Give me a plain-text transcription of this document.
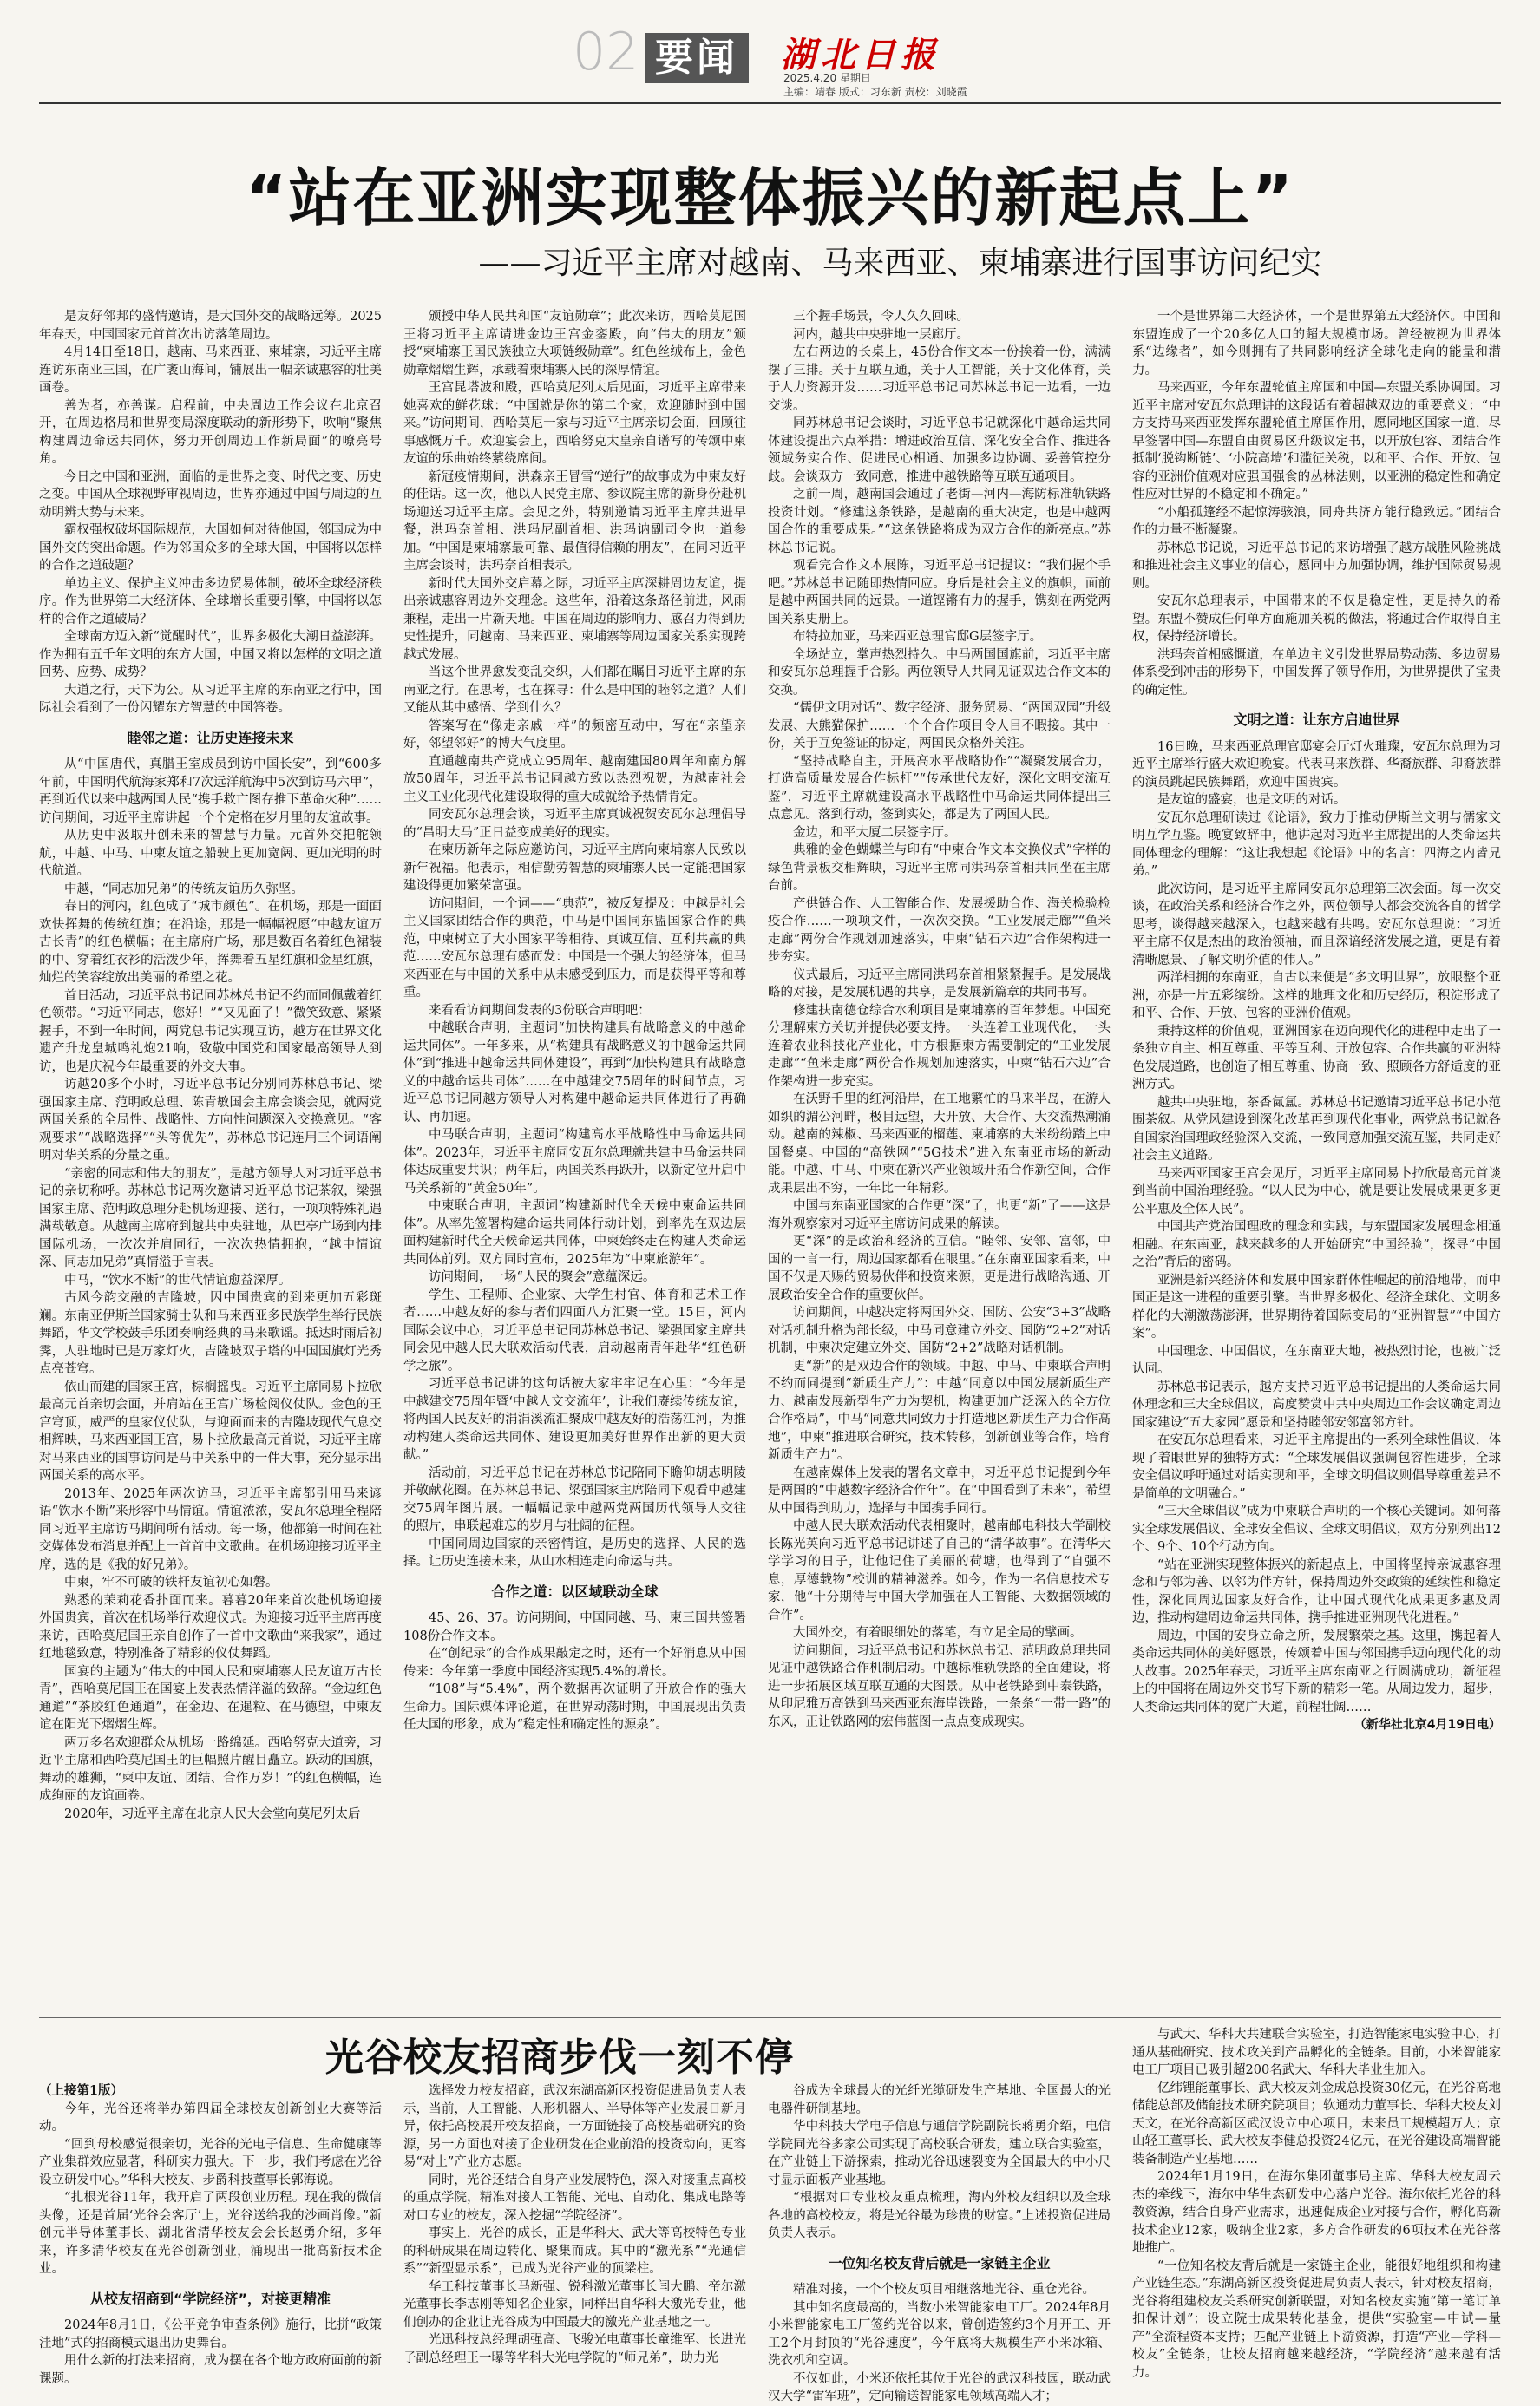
02 要闻	湖北日报
2025.4.20 星期日
主编：靖春 版式：习东新 责校：刘晓霞
“站在亚洲实现整体振兴的新起点上”
——习近平主席对越南、马来西亚、柬埔寨进行国事访问纪实

是友好邻邦的盛情邀请，是大国外交的战略远筹。2025年春天，中国国家元首首次出访落笔周边。

4月14日至18日，越南、马来西亚、柬埔寨，习近平主席连访东南亚三国，在广袤山海间，铺展出一幅亲诚惠容的壮美画卷。

善为者，亦善谋。启程前，中央周边工作会议在北京召开，在周边格局和世界变局深度联动的新形势下，吹响“聚焦构建周边命运共同体，努力开创周边工作新局面”的嘹亮号角。

今日之中国和亚洲，面临的是世界之变、时代之变、历史之变。中国从全球视野审视周边，世界亦通过中国与周边的互动明辨大势与未来。

霸权强权破坏国际规范，大国如何对待他国，邻国成为中国外交的突出命题。作为邻国众多的全球大国，中国将以怎样的合作之道破题？

单边主义、保护主义冲击多边贸易体制，破坏全球经济秩序。作为世界第二大经济体、全球增长重要引擎，中国将以怎样的合作之道破局？

全球南方迈入新“觉醒时代”，世界多极化大潮日益澎湃。作为拥有五千年文明的东方大国，中国又将以怎样的文明之道回势、应势、成势？

大道之行，天下为公。从习近平主席的东南亚之行中，国际社会看到了一份闪耀东方智慧的中国答卷。

睦邻之道：让历史连接未来

从“中国唐代，真腊王室成员到访中国长安”，到“600多年前，中国明代航海家郑和7次远洋航海中5次到访马六甲”，再到近代以来中越两国人民“携手救亡图存推下革命火种”……访问期间，习近平主席讲起一个个定格在岁月里的友谊故事。

从历史中汲取开创未来的智慧与力量。元首外交把舵领航，中越、中马、中柬友谊之船驶上更加宽阔、更加光明的时代航道。

中越，“同志加兄弟”的传统友谊历久弥坚。

春日的河内，红色成了“城市颜色”。在机场，那是一面面欢快挥舞的传统红旗；在沿途，那是一幅幅祝愿“中越友谊万古长青”的红色横幅；在主席府广场，那是数百名着红色裙装的中、穿着红衣衫的活泼少年，挥舞着五星红旗和金星红旗，灿烂的笑容绽放出美丽的希望之花。

首日活动，习近平总书记同苏林总书记不约而同佩戴着红色领带。“习近平同志，您好！”“又见面了！”微笑致意、紧紧握手，不到一年时间，两党总书记实现互访，越方在世界文化遗产升龙皇城鸣礼炮21响，致敬中国党和国家最高领导人到访，也是庆祝今年最重要的外交大事。

访越20多个小时，习近平总书记分别同苏林总书记、梁强国家主席、范明政总理、陈青敏国会主席会谈会见，就两党两国关系的全局性、战略性、方向性问题深入交换意见。“客观要求”“战略选择”“头等优先”，苏林总书记连用三个词语阐明对华关系的分量之重。

“亲密的同志和伟大的朋友”，是越方领导人对习近平总书记的亲切称呼。苏林总书记两次邀请习近平总书记茶叙，梁强国家主席、范明政总理分赴机场迎接、送行，一项项特殊礼遇满载敬意。从越南主席府到越共中央驻地，从巴亭广场到内排国际机场，一次次并肩同行，一次次热情拥抱，“越中情谊深、同志加兄弟”真情溢于言表。

中马，“饮水不断”的世代情谊愈益深厚。

古风今韵交融的吉隆坡，因中国贵宾的到来更加五彩斑斓。东南亚伊斯兰国家骑士队和马来西亚多民族学生举行民族舞蹈，华文学校鼓手乐团奏响经典的马来歌谣。抵达时雨后初霁，人驻地时已是万家灯火，吉隆坡双子塔的中国国旗灯光秀点亮苍穹。

依山而建的国家王宫，棕榈摇曳。习近平主席同易卜拉欣最高元首亲切会面，并肩站在王宫广场检阅仪仗队。金色的王宫穹顶，威严的皇家仪仗队，与迎面而来的吉隆坡现代气息交相辉映，马来西亚国王宫，易卜拉欣最高元首说，习近平主席对马来西亚的国事访问是马中关系中的一件大事，充分显示出两国关系的高水平。

2013年、2025年两次访马，习近平主席都引用马来谚语“饮水不断”来形容中马情谊。情谊浓浓，安瓦尔总理全程陪同习近平主席访马期间所有活动。每一场，他都第一时间在社交媒体发布消息并配上一首首中文歌曲。在机场迎接习近平主席，选的是《我的好兄弟》。

中柬，牢不可破的铁杆友谊初心如磐。

熟悉的茉莉花香扑面而来。暮暮20年来首次赴机场迎接外国贵宾，首次在机场举行欢迎仪式。为迎接习近平主席再度来访，西哈莫尼国王亲自创作了一首中文歌曲“来我家”，通过红地毯致意，特别准备了精彩的仪仗舞蹈。

国宴的主题为“伟大的中国人民和柬埔寨人民友谊万古长青”，西哈莫尼国王在国宴上发表热情洋溢的致辞。“金边红色通道”“茶胶红色通道”，在金边、在暹粒、在马德望，中柬友谊在阳光下熠熠生辉。

两万多名欢迎群众从机场一路绵延。西哈努克大道旁，习近平主席和西哈莫尼国王的巨幅照片醒目矗立。跃动的国旗，舞动的雄狮，“柬中友谊、团结、合作万岁！”的红色横幅，连成绚丽的友谊画卷。

2020年，习近平主席在北京人民大会堂向莫尼列太后

颁授中华人民共和国“友谊勋章”；此次来访，西哈莫尼国王将习近平主席请进金边王宫金銮殿，向“伟大的朋友”颁授“柬埔寨王国民族独立大项链级勋章”。红色丝绒布上，金色勋章熠熠生辉，承载着柬埔寨人民的深厚情谊。

王宫昆塔波和殿，西哈莫尼列太后见面，习近平主席带来她喜欢的鲜花球：“中国就是你的第二个家，欢迎随时到中国来。”访问期间，西哈莫尼一家与习近平主席亲切会面，回顾往事感慨万千。欢迎宴会上，西哈努克太皇亲自谱写的传颂中柬友谊的乐曲始终萦绕席间。

新冠疫情期间，洪森亲王冒雪“逆行”的故事成为中柬友好的佳话。这一次，他以人民党主席、参议院主席的新身份赴机场迎送习近平主席。会见之外，特别邀请习近平主席共进早餐，洪玛奈首相、洪玛尼副首相、洪玛讷副司令也一道参加。“中国是柬埔寨最可靠、最值得信赖的朋友”，在同习近平主席会谈时，洪玛奈首相表示。

新时代大国外交启幕之际，习近平主席深耕周边友谊，提出亲诚惠容周边外交理念。这些年，沿着这条路径前进，风雨兼程，走出一片新天地。中国在周边的影响力、感召力得到历史性提升，同越南、马来西亚、柬埔寨等周边国家关系实现跨越式发展。

当这个世界愈发变乱交织，人们都在瞩目习近平主席的东南亚之行。在思考，也在探寻：什么是中国的睦邻之道？人们又能从其中感悟、学到什么？

答案写在“像走亲戚一样”的频密互动中，写在“亲望亲好，邻望邻好”的博大气度里。

直通越南共产党成立95周年、越南建国80周年和南方解放50周年，习近平总书记同越方致以热烈祝贺，为越南社会主义工业化现代化建设取得的重大成就给予热情肯定。

同安瓦尔总理会谈，习近平主席真诚祝贺安瓦尔总理倡导的“昌明大马”正日益变成美好的现实。

在柬历新年之际应邀访问，习近平主席向柬埔寨人民致以新年祝福。他表示，相信勤劳智慧的柬埔寨人民一定能把国家建设得更加繁荣富强。

访问期间，一个词——“典范”，被反复提及：中越是社会主义国家团结合作的典范，中马是中国同东盟国家合作的典范，中柬树立了大小国家平等相待、真诚互信、互利共赢的典范……安瓦尔总理有感而发：中国是一个强大的经济体，但马来西亚在与中国的关系中从未感受到压力，而是获得平等和尊重。

来看看访问期间发表的3份联合声明吧：

中越联合声明，主题词“加快构建具有战略意义的中越命运共同体”。一年多来，从“构建具有战略意义的中越命运共同体”到“推进中越命运共同体建设”，再到“加快构建具有战略意义的中越命运共同体”……在中越建交75周年的时间节点，习近平总书记同越方领导人对构建中越命运共同体进行了再确认、再加速。

中马联合声明，主题词“构建高水平战略性中马命运共同体”。2023年，习近平主席同安瓦尔总理就共建中马命运共同体达成重要共识；两年后，两国关系再跃升，以新定位开启中马关系新的“黄金50年”。

中柬联合声明，主题词“构建新时代全天候中柬命运共同体”。从率先签署构建命运共同体行动计划，到率先在双边层面构建新时代全天候命运共同体，中柬始终走在构建人类命运共同体前列。双方同时宣布，2025年为“中柬旅游年”。

访问期间，一场“人民的聚会”意蕴深远。

学生、工程师、企业家、大学生村官、体育和艺术工作者……中越友好的参与者们四面八方汇聚一堂。15日，河内国际会议中心，习近平总书记同苏林总书记、梁强国家主席共同会见中越人民大联欢活动代表，启动越南青年赴华“红色研学之旅”。

习近平总书记讲的这句话被大家牢牢记在心里：“今年是中越建交75周年暨‘中越人文交流年’，让我们赓续传统友谊，将两国人民友好的涓涓溪流汇聚成中越友好的浩荡江河，为推动构建人类命运共同体、建设更加美好世界作出新的更大贡献。”

活动前，习近平总书记在苏林总书记陪同下瞻仰胡志明陵并敬献花圈。在苏林总书记、梁强国家主席陪同下观看中越建交75周年图片展。一幅幅记录中越两党两国历代领导人交往的照片，串联起难忘的岁月与壮阔的征程。

中国同周边国家的亲密情谊，是历史的选择、人民的选择。让历史连接未来，从山水相连走向命运与共。

合作之道：以区域联动全球

45、26、37。访问期间，中国同越、马、柬三国共签署108份合作文本。

在“创纪录”的合作成果敲定之时，还有一个好消息从中国传来：今年第一季度中国经济实现5.4%的增长。

“108”与“5.4%”，两个数据再次证明了开放合作的强大生命力。国际媒体评论道，在世界动荡时期，中国展现出负责任大国的形象，成为“稳定性和确定性的源泉”。

三个握手场景，令人久久回味。

河内，越共中央驻地一层廊厅。

左右两边的长桌上，45份合作文本一份挨着一份，满满摆了三排。关于互联互通，关于人工智能，关于文化体育，关于人力资源开发……习近平总书记同苏林总书记一边看，一边交谈。

同苏林总书记会谈时，习近平总书记就深化中越命运共同体建设提出六点举措：增进政治互信、深化安全合作、推进各领域务实合作、促进民心相通、加强多边协调、妥善管控分歧。会谈双方一致同意，推进中越铁路等互联互通项目。

之前一周，越南国会通过了老街—河内—海防标准轨铁路投资计划。“修建这条铁路，是越南的重大决定，也是中越两国合作的重要成果。”“这条铁路将成为双方合作的新亮点。”苏林总书记说。

观看完合作文本展陈，习近平总书记提议：“我们握个手吧。”苏林总书记随即热情回应。身后是社会主义的旗帜，面前是越中两国共同的远景。一道铿锵有力的握手，镌刻在两党两国关系史册上。

布特拉加亚，马来西亚总理官邸G层签字厅。

全场站立，掌声热烈持久。中马两国国旗前，习近平主席和安瓦尔总理握手合影。两位领导人共同见证双边合作文本的交换。

“儒伊文明对话”、数字经济、服务贸易、“两国双园”升级发展、大熊猫保护……一个个合作项目令人目不暇接。其中一份，关于互免签证的协定，两国民众格外关注。

“坚持战略自主，开展高水平战略协作”“凝聚发展合力，打造高质量发展合作标杆”“传承世代友好，深化文明交流互鉴”，习近平主席就建设高水平战略性中马命运共同体提出三点意见。落到行动，签到实处，都是为了两国人民。

金边，和平大厦二层签字厅。

典雅的金色蝴蝶兰与印有“中柬合作文本交换仪式”字样的绿色背景板交相辉映，习近平主席同洪玛奈首相共同坐在主席台前。

产供链合作、人工智能合作、发展援助合作、海关检验检疫合作……一项项文件，一次次交换。“工业发展走廊”“鱼米走廊”两份合作规划加速落实，中柬“钻石六边”合作架构进一步夯实。

仪式最后，习近平主席同洪玛奈首相紧紧握手。是发展战略的对接，是发展机遇的共享，是发展新篇章的共同书写。

修建扶南德仓综合水利项目是柬埔寨的百年梦想。中国充分理解柬方关切并提供必要支持。一头连着工业现代化，一头连着农业科技化产业化，中方根据柬方需要制定的“工业发展走廊”“鱼米走廊”两份合作规划加速落实，中柬“钻石六边”合作架构进一步充实。

在沃野千里的红河沿岸，在工地繁忙的马来半岛，在游人如织的湄公河畔，极目远望，大开放、大合作、大交流热潮涌动。越南的辣椒、马来西亚的榴莲、柬埔寨的大米纷纷踏上中国餐桌。中国的“高铁网”“5G技术”进入东南亚市场的新动能。中越、中马、中柬在新兴产业领域开拓合作新空间，合作成果层出不穷，一年比一年精彩。

中国与东南亚国家的合作更“深”了，也更“新”了——这是海外观察家对习近平主席访问成果的解读。

更“深”的是政治和经济的互信。“睦邻、安邻、富邻，中国的一言一行，周边国家都看在眼里。”在东南亚国家看来，中国不仅是天赐的贸易伙伴和投资来源，更是进行战略沟通、开展政治安全合作的重要伙伴。

访问期间，中越决定将两国外交、国防、公安“3+3”战略对话机制升格为部长级，中马同意建立外交、国防“2+2”对话机制，中柬决定建立外交、国防“2+2”战略对话机制。

更“新”的是双边合作的领域。中越、中马、中柬联合声明不约而同提到“新质生产力”：中越“同意以中国发展新质生产力、越南发展新型生产力为契机，构建更加广泛深入的全方位合作格局”，中马“同意共同致力于打造地区新质生产力合作高地”，中柬“推进联合研究，技术转移，创新创业等合作，培育新质生产力”。

在越南媒体上发表的署名文章中，习近平总书记提到今年是两国的“中越数字经济合作年”。在“中国看到了未来”，希望从中国得到助力，选择与中国携手同行。

中越人民大联欢活动代表相聚时，越南邮电科技大学副校长陈光英向习近平总书记讲述了自己的“清华故事”。在清华大学学习的日子，让他记住了美丽的荷塘，也得到了“自强不息，厚德载物”校训的精神滋养。如今，作为一名信息技术专家，他“十分期待与中国大学加强在人工智能、大数据领域的合作”。

大国外交，有着眼细处的落笔，有立足全局的擘画。

访问期间，习近平总书记和苏林总书记、范明政总理共同见证中越铁路合作机制启动。中越标准轨铁路的全面建设，将进一步拓展区域互联互通的大图景。从中老铁路到中泰铁路，从印尼雅万高铁到马来西亚东海岸铁路，一条条“一带一路”的东风，正让铁路网的宏伟蓝图一点点变成现实。

一个是世界第二大经济体，一个是世界第五大经济体。中国和东盟连成了一个20多亿人口的超大规模市场。曾经被视为世界体系“边缘者”，如今则拥有了共同影响经济全球化走向的能量和潜力。

马来西亚，今年东盟轮值主席国和中国—东盟关系协调国。习近平主席对安瓦尔总理讲的这段话有着超越双边的重要意义：“中方支持马来西亚发挥东盟轮值主席国作用，愿同地区国家一道，尽早签署中国—东盟自由贸易区升级议定书，以开放包容、团结合作抵制‘脱钩断链’、‘小院高墙’和滥征关税，以和平、合作、开放、包容的亚洲价值观对应强国强食的丛林法则，以亚洲的稳定性和确定性应对世界的不稳定和不确定。”

“小船孤篷经不起惊涛骇浪，同舟共济方能行稳致远。”团结合作的力量不断凝聚。

苏林总书记说，习近平总书记的来访增强了越方战胜风险挑战和推进社会主义事业的信心，愿同中方加强协调，维护国际贸易规则。

安瓦尔总理表示，中国带来的不仅是稳定性，更是持久的希望。东盟不赞成任何单方面施加关税的做法，将通过合作取得自主权，保持经济增长。

洪玛奈首相感慨道，在单边主义引发世界局势动荡、多边贸易体系受到冲击的形势下，中国发挥了领导作用，为世界提供了宝贵的确定性。

文明之道：让东方启迪世界

16日晚，马来西亚总理官邸宴会厅灯火璀璨，安瓦尔总理为习近平主席举行盛大欢迎晚宴。代表马来族群、华裔族群、印裔族群的演员跳起民族舞蹈，欢迎中国贵宾。

是友谊的盛宴，也是文明的对话。

安瓦尔总理研读过《论语》，致力于推动伊斯兰文明与儒家文明互学互鉴。晚宴致辞中，他讲起对习近平主席提出的人类命运共同体理念的理解：“这让我想起《论语》中的名言：四海之内皆兄弟。”

此次访问，是习近平主席同安瓦尔总理第三次会面。每一次交谈，在政治关系和经济合作之外，两位领导人都会交流各自的哲学思考，谈得越来越深入，也越来越有共鸣。安瓦尔总理说：“习近平主席不仅是杰出的政治领袖，而且深谙经济发展之道，更是有着清晰愿景、了解文明价值的伟人。”

两洋相拥的东南亚，自古以来便是“多文明世界”，放眼整个亚洲，亦是一片五彩缤纷。这样的地理文化和历史经历，积淀形成了和平、合作、开放、包容的亚洲价值观。

秉持这样的价值观，亚洲国家在迈向现代化的进程中走出了一条独立自主、相互尊重、平等互利、开放包容、合作共赢的亚洲特色发展道路，也创造了相互尊重、协商一致、照顾各方舒适度的亚洲方式。

越共中央驻地，茶香氤氲。苏林总书记邀请习近平总书记小范围茶叙。从党风建设到深化改革再到现代化事业，两党总书记就各自国家治国理政经验深入交流，一致同意加强交流互鉴，共同走好社会主义道路。

马来西亚国家王宫会见厅，习近平主席同易卜拉欣最高元首谈到当前中国治理经验。“以人民为中心，就是要让发展成果更多更公平惠及全体人民”。

中国共产党治国理政的理念和实践，与东盟国家发展理念相通相融。在东南亚，越来越多的人开始研究“中国经验”，探寻“中国之治”背后的密码。

亚洲是新兴经济体和发展中国家群体性崛起的前沿地带，而中国正是这一进程的重要引擎。当世界多极化、经济全球化、文明多样化的大潮激荡澎湃，世界期待着国际变局的“亚洲智慧”“中国方案”。

中国理念、中国倡议，在东南亚大地，被热烈讨论，也被广泛认同。

苏林总书记表示，越方支持习近平总书记提出的人类命运共同体理念和三大全球倡议，高度赞赏中共中央周边工作会议确定周边国家建设“五大家园”愿景和坚持睦邻安邻富邻方针。

在安瓦尔总理看来，习近平主席提出的一系列全球性倡议，体现了着眼世界的独特方式：“全球发展倡议强调包容性进步，全球安全倡议呼吁通过对话实现和平，全球文明倡议则倡导尊重差异不是简单的文明融合。”

“三大全球倡议”成为中柬联合声明的一个核心关键词。如何落实全球发展倡议、全球安全倡议、全球文明倡议，双方分别列出12个、9个、10个行动方向。

“站在亚洲实现整体振兴的新起点上，中国将坚持亲诚惠容理念和与邻为善、以邻为伴方针，保持周边外交政策的延续性和稳定性，深化同周边国家友好合作，让中国式现代化成果更多惠及周边，推动构建周边命运共同体，携手推进亚洲现代化进程。”

周边，中国的安身立命之所，发展繁荣之基。这里，携起着人类命运共同体的美好愿景，传颂着中国与邻国携手迈向现代化的动人故事。2025年春天，习近平主席东南亚之行圆满成功，新征程上的中国将在周边外交书写下新的精彩一笔。从周边发力，超步，人类命运共同体的宽广大道，前程壮阔……

（新华社北京4月19日电）

光谷校友招商步伐一刻不停

（上接第1版）

今年，光谷还将举办第四届全球校友创新创业大赛等活动。

“回到母校感觉很亲切，光谷的光电子信息、生命健康等产业集群效应显著，科研实力强大。下一步，我们考虑在光谷设立研发中心。”华科大校友、步爵科技董事长郭海说。

“扎根光谷11年，我开启了两段创业历程。现在我的微信头像，还是首届‘光谷会客厅’上，光谷送给我的沙画肖像。”新创元半导体董事长、湖北省清华校友会会长赵勇介绍，多年来，许多清华校友在光谷创新创业，涌现出一批高新技术企业。

从校友招商到“学院经济”，对接更精准

2024年8月1日，《公平竞争审查条例》施行，比拼“政策洼地”式的招商模式退出历史舞台。

用什么新的打法来招商，成为摆在各个地方政府面前的新课题。

选择发力校友招商，武汉东湖高新区投资促进局负责人表示，当前，人工智能、人形机器人、半导体等产业发展日新月异，依托高校展开校友招商，一方面链接了高校基础研究的资源，另一方面也对接了企业研发在企业前沿的投资动向，更容易“对上”产业方志愿。

同时，光谷还结合自身产业发展特色，深入对接重点高校的重点学院，精准对接人工智能、光电、自动化、集成电路等对口专业的校友，深入挖掘“学院经济”。

事实上，光谷的成长，正是华科大、武大等高校特色专业的科研成果在周边转化、聚集而成。其中的“激光系”“光通信系”“新型显示系”，已成为光谷产业的顶梁柱。

华工科技董事长马新强、锐科激光董事长闫大鹏、帝尔激光董事长李志刚等知名企业家，同样出自华科大激光专业，他们创办的企业让光谷成为中国最大的激光产业基地之一。

光迅科技总经理胡强高、飞骏光电董事长童维军、长进光子副总经理王一曝等华科大光电学院的“师兄弟”，助力光

谷成为全球最大的光纤光缆研发生产基地、全国最大的光电器件研制基地。

华中科技大学电子信息与通信学院副院长蒋勇介绍，电信学院同光谷多家公司实现了高校联合研发，建立联合实验室，在产业链上下游探索，推动光谷迅速裂变为全国最大的中小尺寸显示面板产业基地。

“根据对口专业校友重点梳理，海内外校友组织以及全球各地的高校校友，将是光谷最为珍贵的财富。”上述投资促进局负责人表示。

一位知名校友背后就是一家链主企业

精准对接，一个个校友项目相继落地光谷、重仓光谷。

其中知名度最高的，当数小米智能家电工厂。2024年8月小米智能家电工厂签约光谷以来，曾创造签约3个月开工、开工2个月封顶的“光谷速度”，今年底将大规模生产小米冰箱、洗衣机和空调。

不仅如此，小米还依托其位于光谷的武汉科技园，联动武汉大学“雷军班”，定向输送智能家电领域高端人才；

与武大、华科大共建联合实验室，打造智能家电实验中心，打通从基础研究、技术攻关到产品孵化的全链条。目前，小米智能家电工厂项目已吸引超200名武大、华科大毕业生加入。

亿纬锂能董事长、武大校友刘金成总投资30亿元，在光谷高地储能总部及储能技术研究院项目；软通动力董事长、华科大校友刘天文，在光谷高新区武汉设立中心项目，未来员工规模超万人；京山轻工董事长、武大校友李健总投资24亿元，在光谷建设高端智能装备制造产业基地……

2024年1月19日，在海尔集团董事局主席、华科大校友周云杰的牵线下，海尔中华生态研发中心落户光谷。海尔依托光谷的科教资源，结合自身产业需求，迅速促成企业对接与合作，孵化高新技术企业12家，吸纳企业2家，多方合作研发的6项技术在光谷落地推广。

“一位知名校友背后就是一家链主企业，能很好地组织和构建产业链生态。”东湖高新区投资促进局负责人表示，针对校友招商，光谷将组建校友关系研究创新联盟，对知名校友实施“第一笔订单扣保计划”；设立院士成果转化基金，提供“实验室—中试—量产”全流程资本支持；匹配产业链上下游资源，打造“产业—学科—校友”全链条，让校友招商越来越经济，“学院经济”越来越有活力。
